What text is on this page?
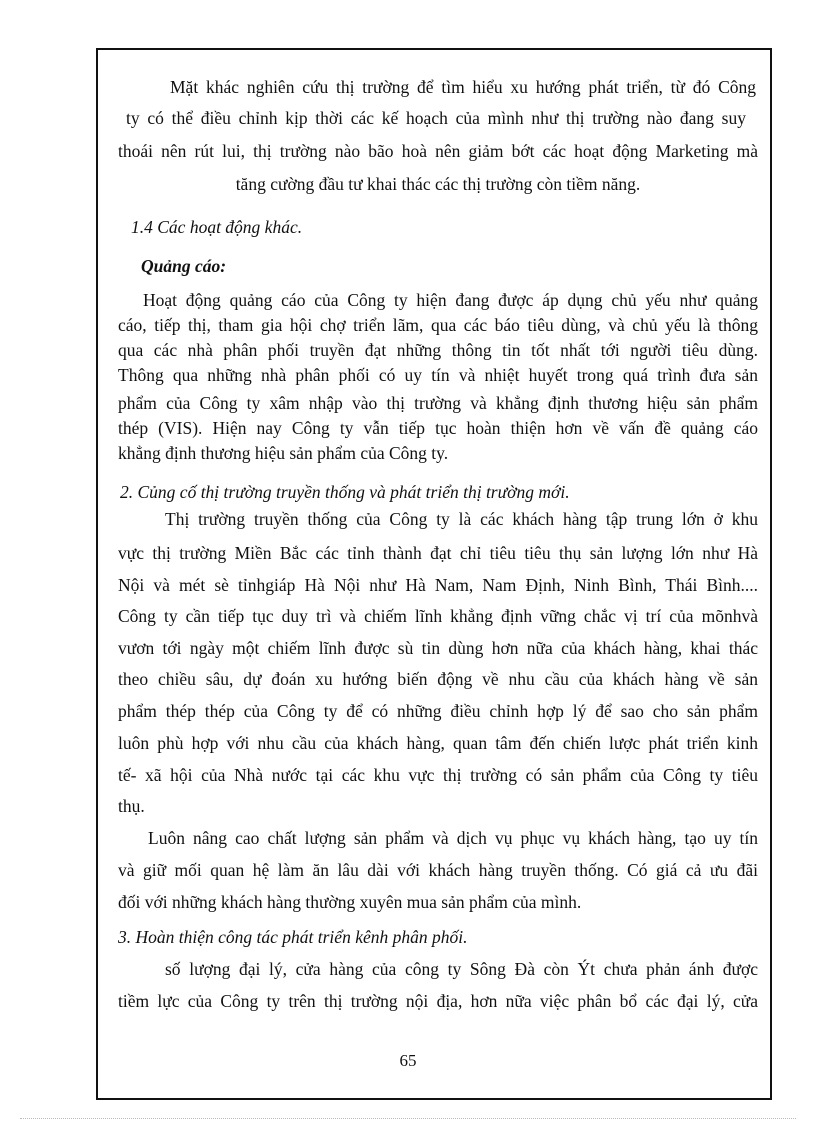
Mặt khác nghiên cứu thị trường để tìm hiểu xu hướng phát triển, từ đó Công
ty có thể điều chỉnh kịp thời các kế hoạch của mình như thị trường nào đang suy
thoái nên rút lui, thị trường nào bão hoà nên giảm bớt các hoạt động Marketing mà
tăng cường đầu tư khai thác các thị trường còn tiềm năng.
1.4 Các hoạt động khác.
Quảng cáo:
Hoạt động quảng cáo của Công ty hiện đang được áp dụng chủ yếu như quảng
cáo, tiếp thị, tham gia hội chợ triển lãm, qua các báo tiêu dùng, và chủ yếu là thông
qua các nhà phân phối truyền đạt những thông tin tốt nhất tới người tiêu dùng.
Thông qua những nhà phân phối có uy tín và nhiệt huyết trong quá trình đưa sản
phẩm của Công ty xâm nhập vào thị trường và khẳng định thương hiệu sản phẩm
thép (VIS). Hiện nay Công ty vẫn tiếp tục hoàn thiện hơn về vấn đề quảng cáo
khẳng định thương hiệu sản phẩm của Công ty.
2. Củng cố thị trường truyền thống và phát triển thị trường mới.
Thị trường truyền thống của Công ty là các khách hàng tập trung lớn ở khu
vực thị trường Miền Bắc các tỉnh thành đạt chỉ tiêu tiêu thụ sản lượng lớn như Hà
Nội và mét sè tỉnhgiáp Hà Nội như Hà Nam, Nam Định, Ninh Bình, Thái Bình....
Công ty cần tiếp tục duy trì và chiếm lĩnh khẳng định vững chắc vị trí của mõnhvà
vươn tới ngày một chiếm lĩnh được sù tin dùng hơn nữa của khách hàng, khai thác
theo chiều sâu, dự đoán xu hướng biến động về nhu cầu của khách hàng về sản
phẩm thép thép của Công ty để có những điều chỉnh hợp lý để sao cho sản phẩm
luôn phù hợp với nhu cầu của khách hàng, quan tâm đến chiến lược phát triển kinh
tế- xã hội của Nhà nước tại các khu vực thị trường có sản phẩm của Công ty tiêu
thụ.
Luôn nâng cao chất lượng sản phẩm và dịch vụ phục vụ khách hàng, tạo uy tín
và giữ mối quan hệ làm ăn lâu dài với khách hàng truyền thống. Có giá cả ưu đãi
đối với những khách hàng thường xuyên mua sản phẩm của mình.
3. Hoàn thiện công tác phát triển kênh phân phối.
số lượng đại lý, cửa hàng của công ty Sông Đà còn Ýt chưa phản ánh được
tiềm lực của Công ty trên thị trường nội địa, hơn nữa việc phân bổ các đại lý, cửa
65
